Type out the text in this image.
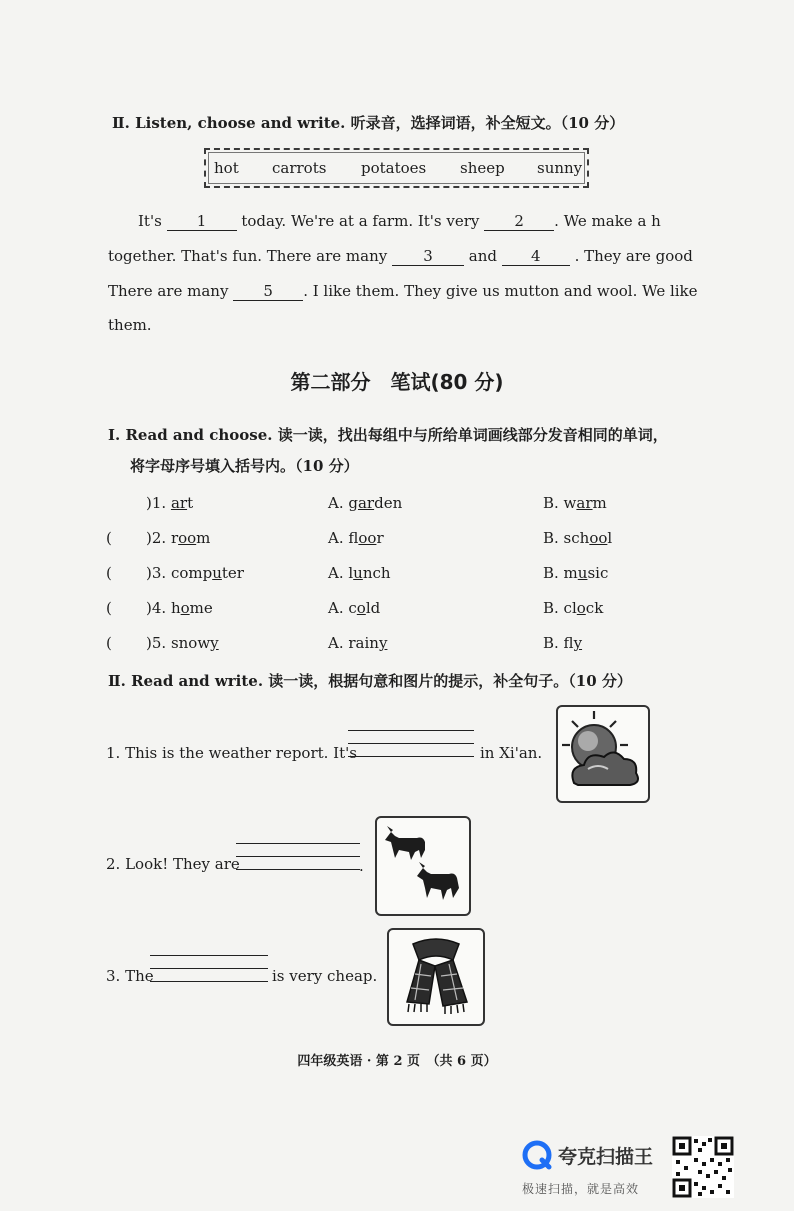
Ⅱ. Listen, choose and write. 听录音，选择词语，补全短文。（10 分）
hot carrots potatoes sheep sunny
It's 1 today. We're at a farm. It's very 2 . We make a h
together. That's fun. There are many 3 and 4 . They are good
There are many 5 . I like them. They give us mutton and wool. We like
them.
第二部分　笔试(80 分)
Ⅰ. Read and choose. 读一读，找出每组中与所给单词画线部分发音相同的单词，
将字母序号填入括号内。（10 分）
)1. art	A. garden	B. warm
( )2. room	A. floor	B. school
( )3. computer	A. lunch	B. music
( )4. home	A. cold	B. clock
( )5. snowy	A. rainy	B. fly
Ⅱ. Read and write. 读一读，根据句意和图片的提示，补全句子。（10 分）
1. This is the weather report. It's	in Xi'an.
2. Look! They are	.
3. The	is very cheap.
四年级英语 · 第 2 页　（共 6 页）
夸克扫描王
极速扫描，就是高效
